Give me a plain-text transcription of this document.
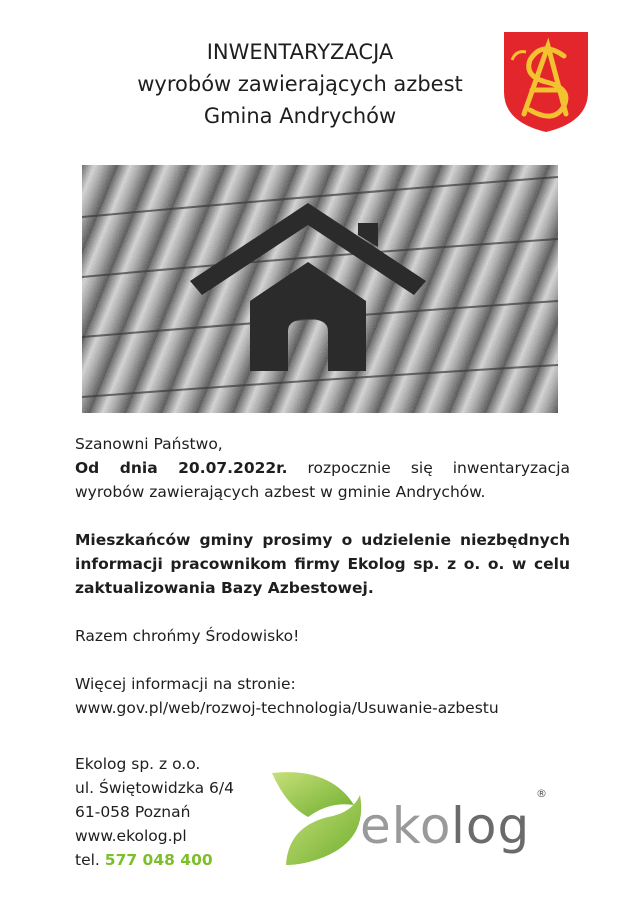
INWENTARYZACJA
wyrobów zawierających azbest
Gmina Andrychów

Szanowni Państwo,

Od dnia 20.07.2022r. rozpocznie się inwentaryzacja

wyrobów zawierających azbest w gminie Andrychów.

Mieszkańców gminy prosimy o udzielenie niezbędnych

informacji pracownikom firmy Ekolog sp. z o. o. w celu

zaktualizowania Bazy Azbestowej.

Razem chrońmy Środowisko!

Więcej informacji na stronie:

www.gov.pl/web/rozwoj-technologia/Usuwanie-azbestu

Ekolog sp. z o.o.
ul. Świętowidzka 6/4
61-058 Poznań
www.ekolog.pl
tel. 577 048 400
eko log
®
